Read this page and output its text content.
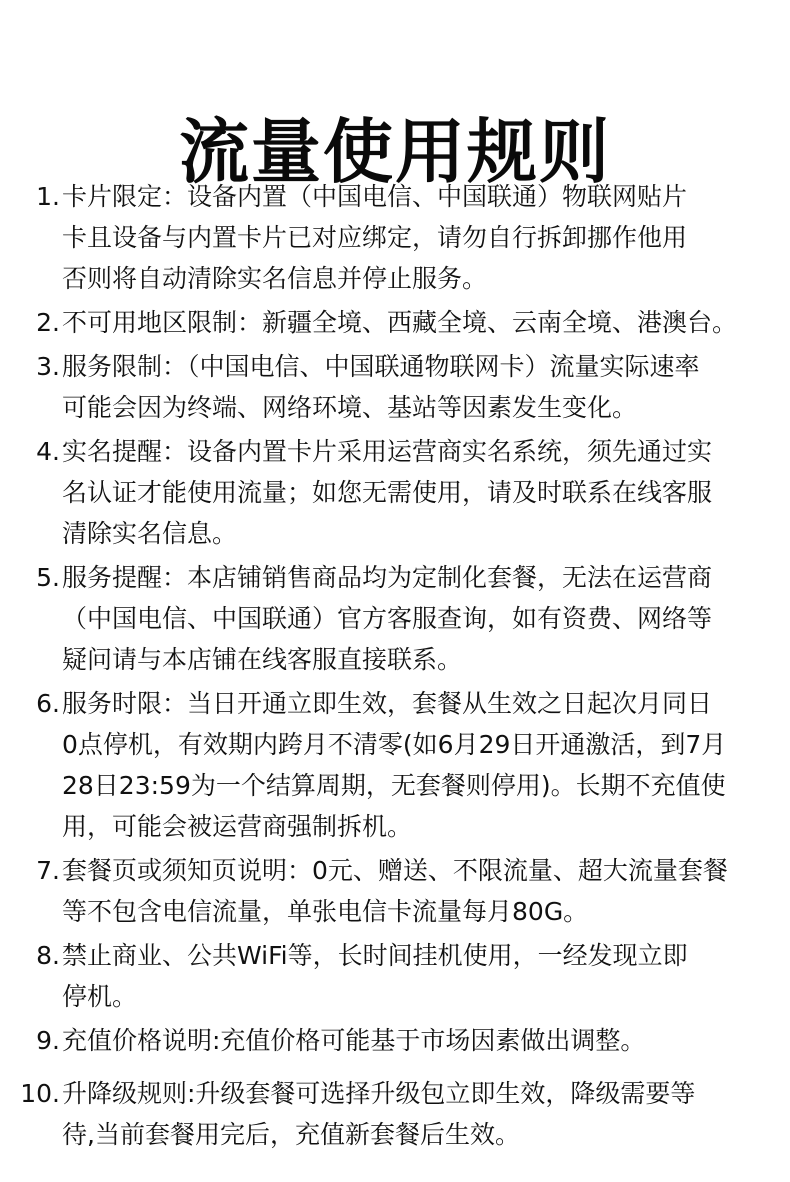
流量使用规则
1. 卡片限定：设备内置（中国电信、中国联通）物联网贴片
卡且设备与内置卡片已对应绑定，请勿自行拆卸挪作他用
否则将自动清除实名信息并停止服务。
2. 不可用地区限制：新疆全境、西藏全境、云南全境、港澳台。
3. 服务限制：（中国电信、中国联通物联网卡）流量实际速率
可能会因为终端、网络环境、基站等因素发生变化。
4. 实名提醒：设备内置卡片采用运营商实名系统，须先通过实
名认证才能使用流量；如您无需使用，请及时联系在线客服
清除实名信息。
5. 服务提醒：本店铺销售商品均为定制化套餐，无法在运营商
（中国电信、中国联通）官方客服查询，如有资费、网络等
疑问请与本店铺在线客服直接联系。
6. 服务时限：当日开通立即生效，套餐从生效之日起次月同日
0点停机，有效期内跨月不清零(如6月29日开通激活，到7月
28日23:59为一个结算周期，无套餐则停用)。长期不充值使
用，可能会被运营商强制拆机。
7. 套餐页或须知页说明：0元、赠送、不限流量、超大流量套餐
等不包含电信流量，单张电信卡流量每月80G。
8. 禁止商业、公共WiFi等，长时间挂机使用，一经发现立即
停机。
9. 充值价格说明:充值价格可能基于市场因素做出调整。
10. 升降级规则:升级套餐可选择升级包立即生效，降级需要等
待,当前套餐用完后，充值新套餐后生效。
